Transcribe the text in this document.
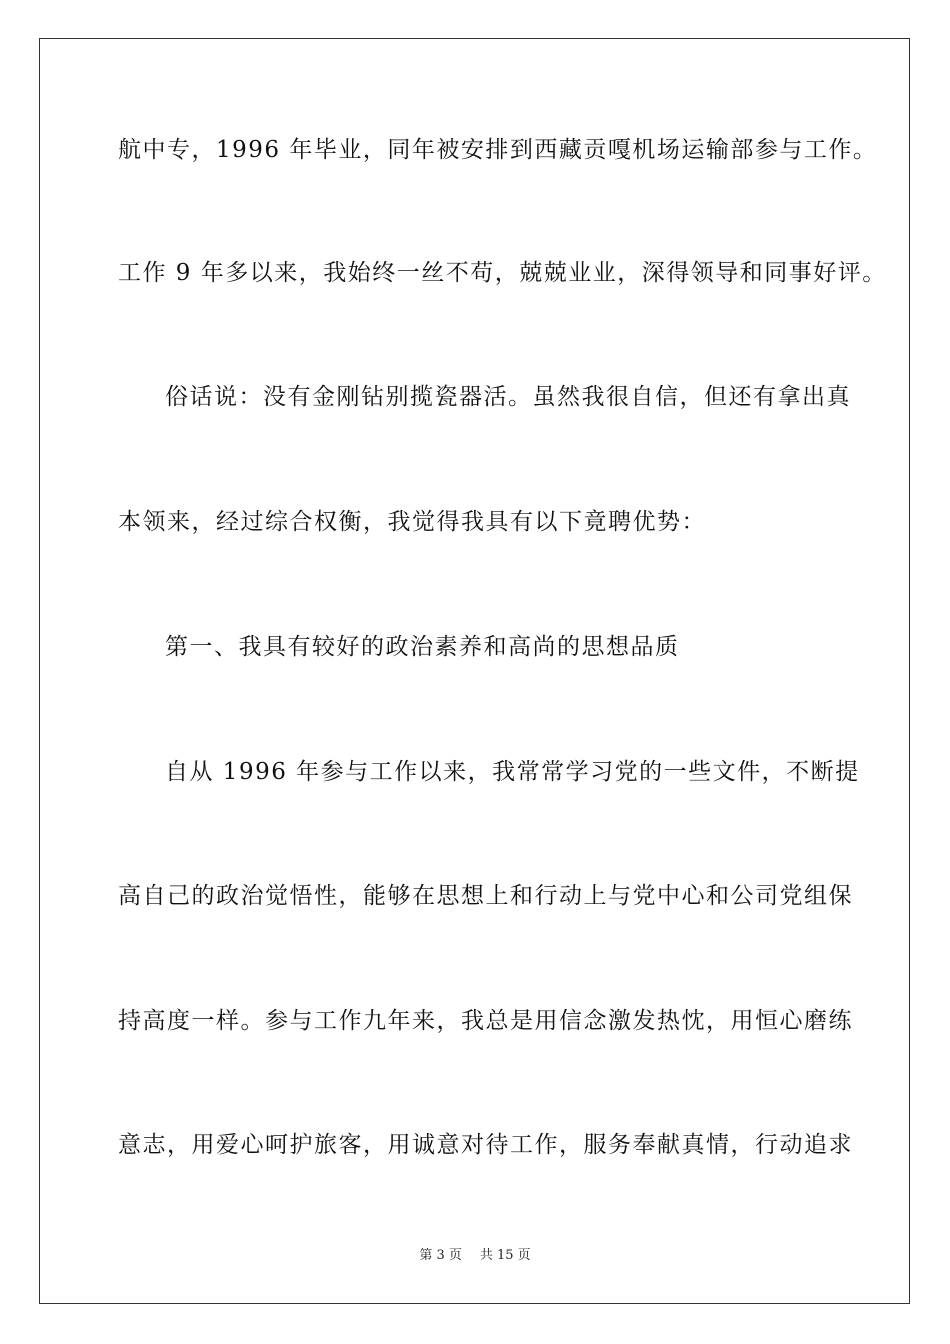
航中专，1996 年毕业，同年被安排到西藏贡嘎机场运输部参与工作。
工作 9 年多以来，我始终一丝不苟，兢兢业业，深得领导和同事好评。
俗话说：没有金刚钻别揽瓷器活。虽然我很自信，但还有拿出真
本领来，经过综合权衡，我觉得我具有以下竟聘优势：
第一、我具有较好的政治素养和高尚的思想品质
自从 1996 年参与工作以来，我常常学习党的一些文件，不断提
高自己的政治觉悟性，能够在思想上和行动上与党中心和公司党组保
持高度一样。参与工作九年来，我总是用信念激发热忱，用恒心磨练
意志，用爱心呵护旅客，用诚意对待工作，服务奉献真情，行动追求
第 3 页 共 15 页
